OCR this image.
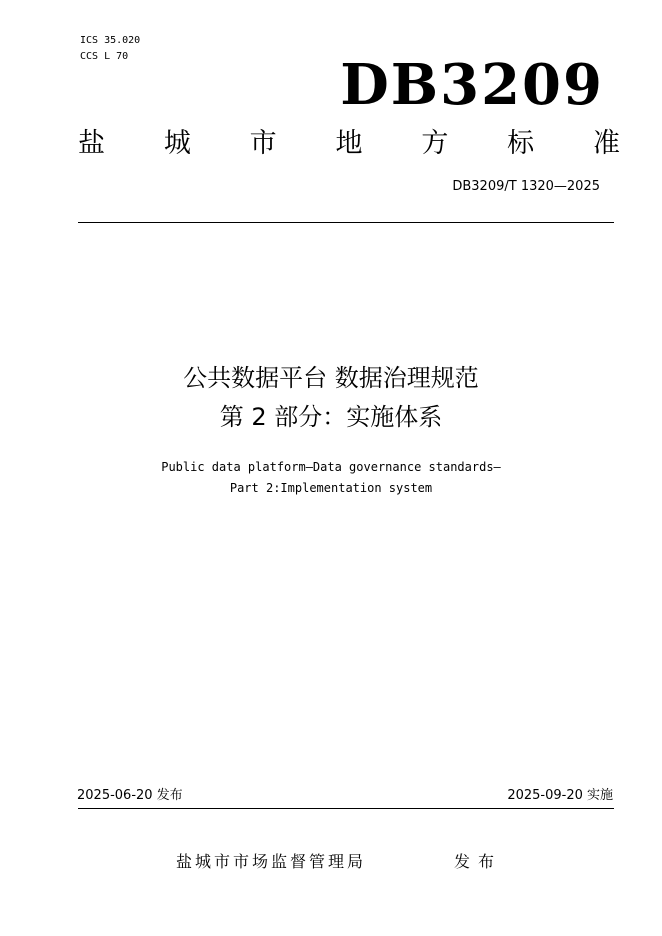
ICS 35.020
CCS L 70	DB3209
盐 城 市 地 方 标 准
DB3209/T 1320—2025
公共数据平台 数据治理规范
第 2 部分：实施体系
Public data platform—Data governance standards—
Part 2:Implementation system
2025-06-20 发布	2025-09-20 实施
盐城市市场监督管理局	发布
